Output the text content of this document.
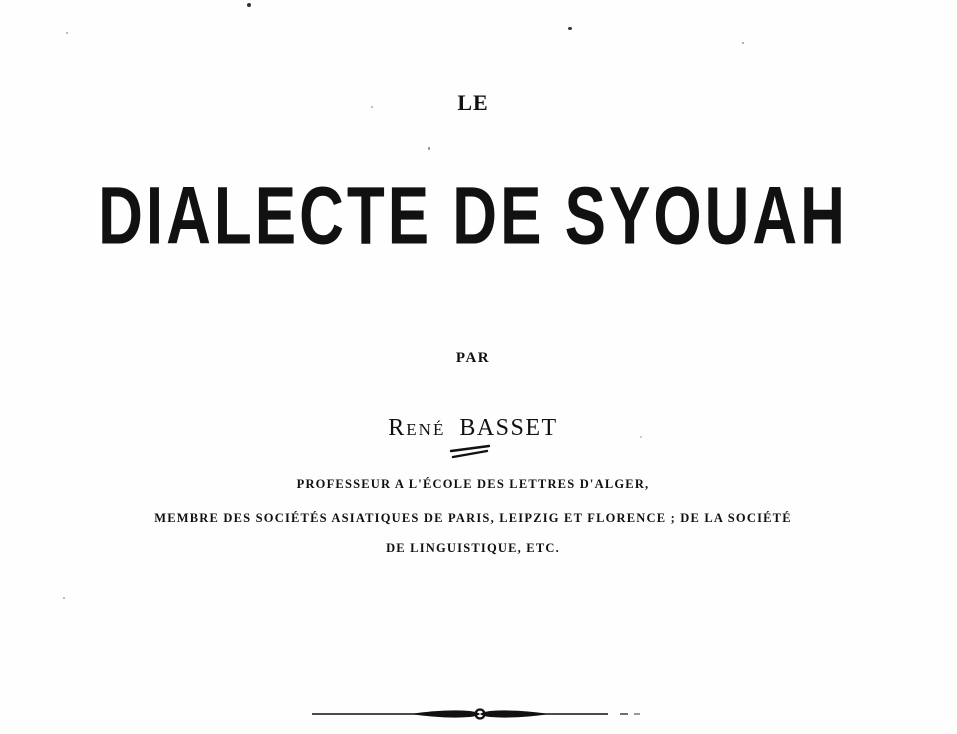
LE
DIALECTE DE SYOUAH
PAR
René BASSET
PROFESSEUR A L'ÉCOLE DES LETTRES D'ALGER,
MEMBRE DES SOCIÉTÉS ASIATIQUES DE PARIS, LEIPZIG ET FLORENCE ; DE LA SOCIÉTÉ
DE LINGUISTIQUE, ETC.
